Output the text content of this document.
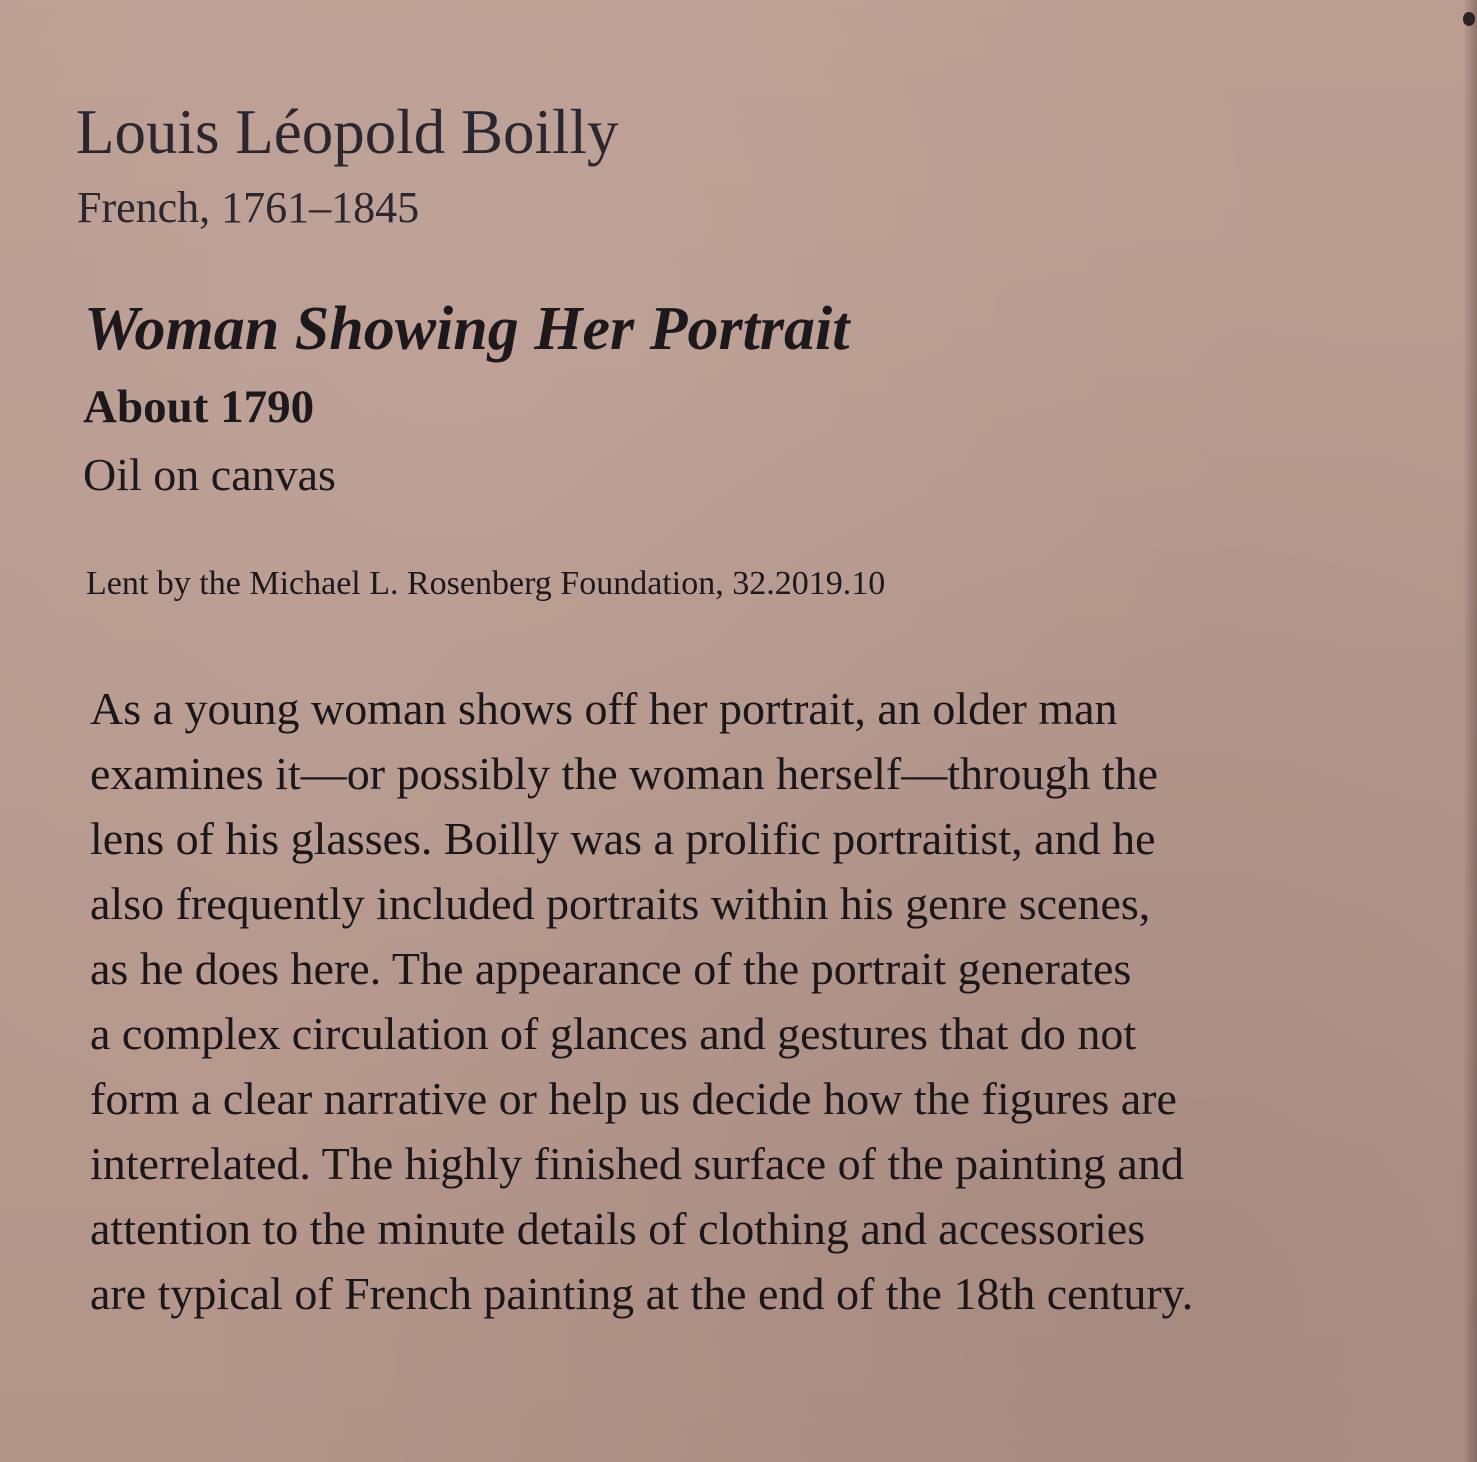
Louis Léopold Boilly
French, 1761–1845
Woman Showing Her Portrait
About 1790
Oil on canvas
Lent by the Michael L. Rosenberg Foundation, 32.2019.10
As a young woman shows off her portrait, an older man
examines it—or possibly the woman herself—through the
lens of his glasses. Boilly was a prolific portraitist, and he
also frequently included portraits within his genre scenes,
as he does here. The appearance of the portrait generates
a complex circulation of glances and gestures that do not
form a clear narrative or help us decide how the figures are
interrelated. The highly finished surface of the painting and
attention to the minute details of clothing and accessories
are typical of French painting at the end of the 18th century.
